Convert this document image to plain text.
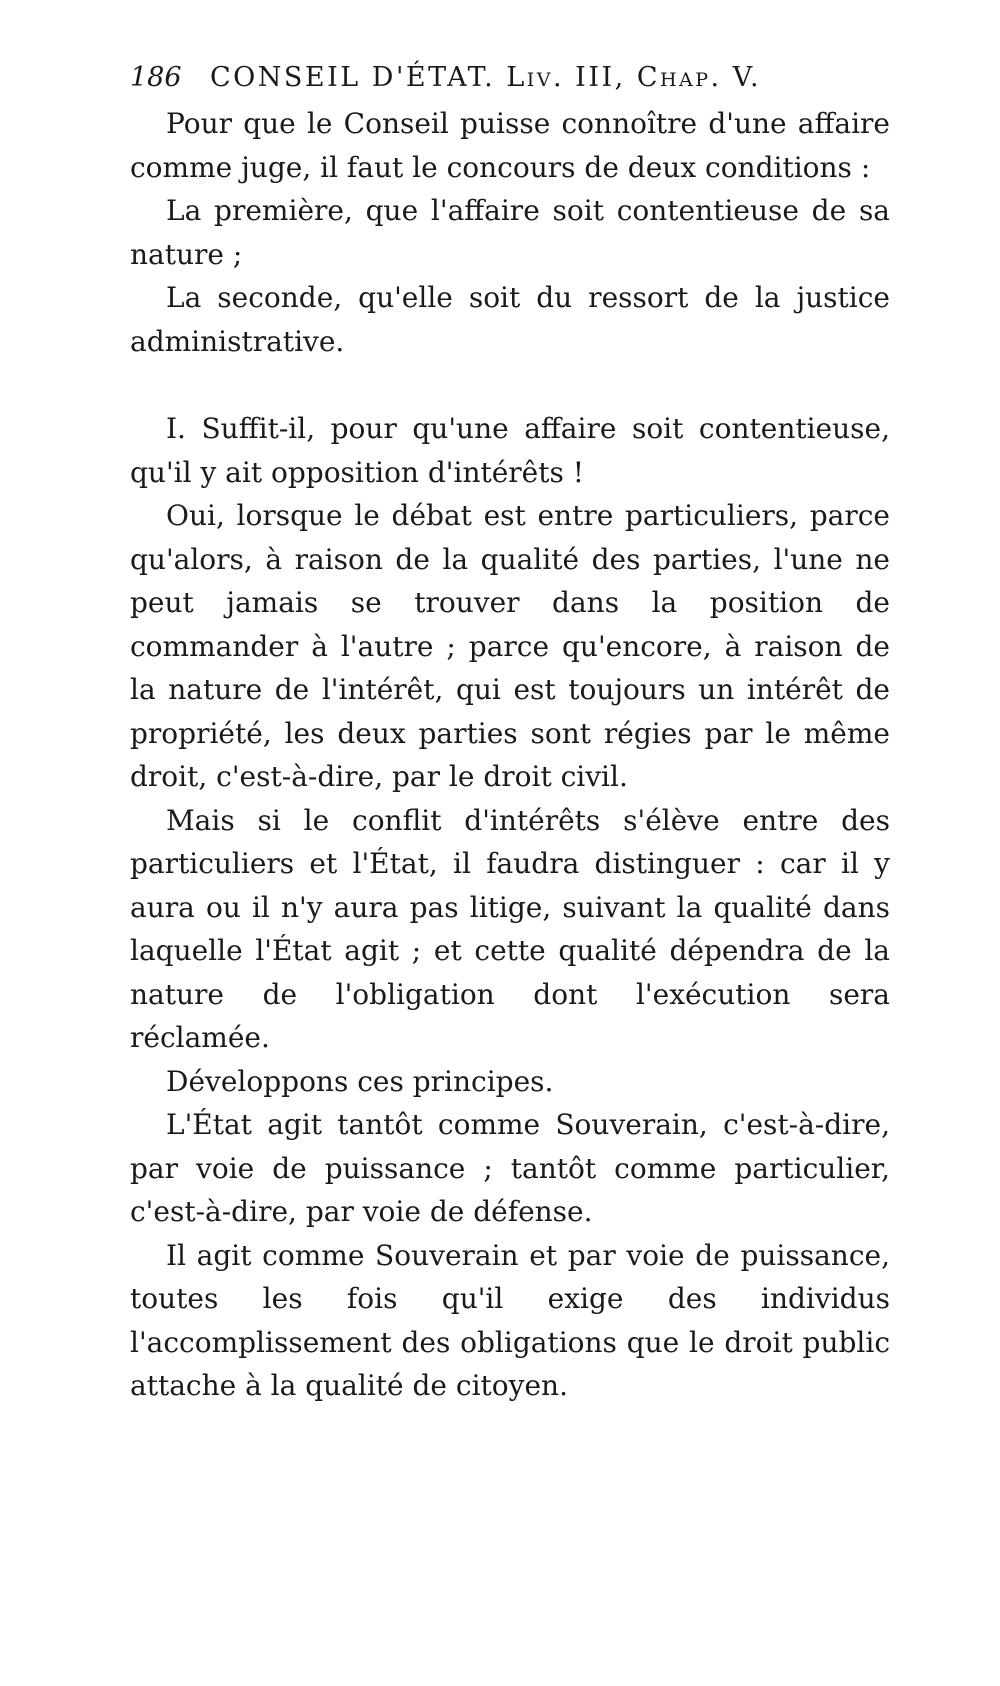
186	CONSEIL D'ÉTAT. Liv. III, Chap. V.

Pour que le Conseil puisse connoître d'une affaire comme juge, il faut le concours de deux conditions :

La première, que l'affaire soit contentieuse de sa nature ;

La seconde, qu'elle soit du ressort de la justice administrative.

I. Suffit-il, pour qu'une affaire soit contentieuse, qu'il y ait opposition d'intérêts !

Oui, lorsque le débat est entre particuliers, parce qu'alors, à raison de la qualité des parties, l'une ne peut jamais se trouver dans la position de commander à l'autre ; parce qu'encore, à raison de la nature de l'intérêt, qui est toujours un intérêt de propriété, les deux parties sont régies par le même droit, c'est-à-dire, par le droit civil.

Mais si le conflit d'intérêts s'élève entre des particuliers et l'État, il faudra distinguer : car il y aura ou il n'y aura pas litige, suivant la qualité dans laquelle l'État agit ; et cette qualité dépendra de la nature de l'obligation dont l'exécution sera réclamée.

Développons ces principes.

L'État agit tantôt comme Souverain, c'est-à-dire, par voie de puissance ; tantôt comme particulier, c'est-à-dire, par voie de défense.

Il agit comme Souverain et par voie de puissance, toutes les fois qu'il exige des individus l'accomplissement des obligations que le droit public attache à la qualité de citoyen.
